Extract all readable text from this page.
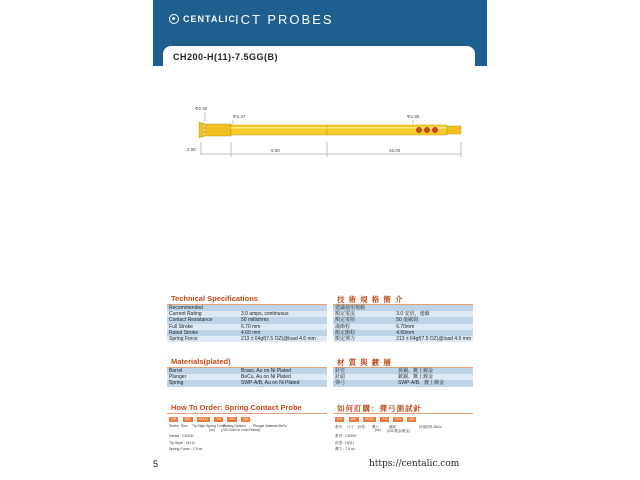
CENTALIC ICT PROBES
CH200-H(11)-7.5GG(B)
Φ2.50
Φ1.47	Φ1.86
2.00	9.00	26.00
Technical Specifications
Recommended	
Current Rating	3.0 amps, continuous
Contact Resistance	50 milliohms
Full Stroke	6.70 mm
Rated Stroke	4.60 mm
Spring Force	213 ± 64gf(7.5 OZ)@load 4.6 mm
技 術 規 格 簡 介
建議使用規範	
額定電流	3.0 安培，連續
額定電阻	50 毫歐姆
滿衝程	6.70mm
額定衝程	4.60mm
額定彈力	213 ± 64gf(7.5 OZ)@load 4.6 mm
Materials(plated)
Barrel	Brass, Au on Ni Plated
Plunger	BeCu, Au on Ni Plated
Spring	SWP-A/B, Au on Ni Plated
材 質 與 鍍 層
針管	黃銅、鍍上鎳金
針頭	鈹銅、鍍上鎳金
彈弓	SWP-A/B、鍍上鎳金
How To Order: Spring Contact Probe
CH	- 200	- H(11)	- 7.5	- GG	- (B)
Series Size Tip Style Spring Force
Plating Options Plunger Material BeCu
(oz) (GG:Gold on Gold Plated)
Series : CH200
Tip Style : H(11)
Spring Force : 7.5 oz
如何訂購：彈弓測試針
CH	- 200	- H(11)	- 7.5	- GG	- (B)
系列 尺寸 針型 彈力	鍍層	針頭材料 BeCu
(oz) (GG:鍍金/鍍金)
系列 : CH200
針型 : H(11)
彈力 : 7.5 oz
5	https://centalic.com
